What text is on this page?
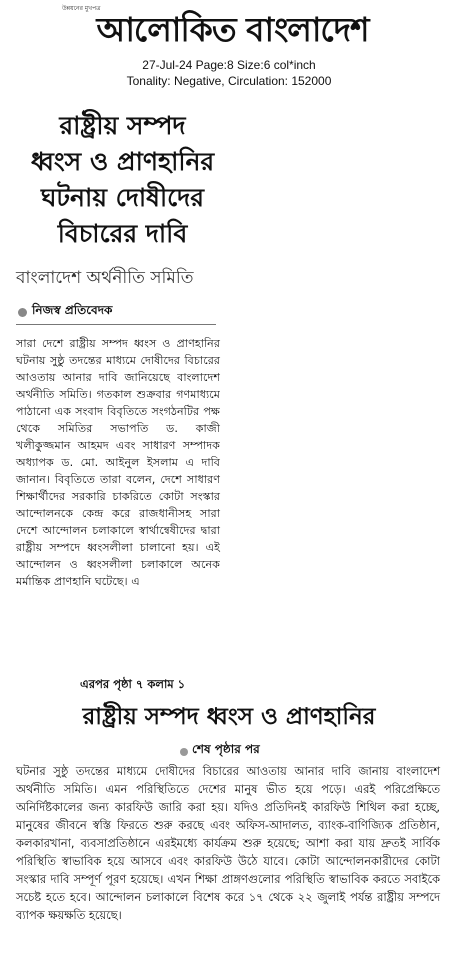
উন্নয়নের মুখপত্র
আলোকিত বাংলাদেশ
27-Jul-24 Page:8 Size:6 col*inch
Tonality: Negative, Circulation: 152000
রাষ্ট্রীয় সম্পদ
ধ্বংস ও প্রাণহানির
ঘটনায় দোষীদের
বিচারের দাবি
বাংলাদেশ অর্থনীতি সমিতি
নিজস্ব প্রতিবেদক
সারা দেশে রাষ্ট্রীয় সম্পদ ধ্বংস ও প্রাণহানির ঘটনায় সুষ্ঠু তদন্তের মাধ্যমে দোষীদের বিচারের আওতায় আনার দাবি জানিয়েছে বাংলাদেশ অর্থনীতি সমিতি। গতকাল শুক্রবার গণমাধ্যমে পাঠানো এক সংবাদ বিবৃতিতে সংগঠনটির পক্ষ থেকে সমিতির সভাপতি ড. কাজী খলীকুজ্জমান আহমদ এবং সাধারণ সম্পাদক অধ্যাপক ড. মো. আইনুল ইসলাম এ দাবি জানান। বিবৃতিতে তারা বলেন, দেশে সাধারণ শিক্ষার্থীদের সরকারি চাকরিতে কোটা সংস্কার আন্দোলনকে কেন্দ্র করে রাজধানীসহ সারা দেশে আন্দোলন চলাকালে স্বার্থান্বেষীদের দ্বারা রাষ্ট্রীয় সম্পদে ধ্বংসলীলা চালানো হয়। এই আন্দোলন ও ধ্বংসলীলা চলাকালে অনেক মর্মান্তিক প্রাণহানি ঘটেছে। এ
এরপর পৃষ্ঠা ৭ কলাম ১
রাষ্ট্রীয় সম্পদ ধ্বংস ও প্রাণহানির
শেষ পৃষ্ঠার পর
ঘটনার সুষ্ঠু তদন্তের মাধ্যমে দোষীদের বিচারের আওতায় আনার দাবি জানায় বাংলাদেশ অর্থনীতি সমিতি। এমন পরিস্থিতিতে দেশের মানুষ ভীত হয়ে পড়ে। এরই পরিপ্রেক্ষিতে অনির্দিষ্টকালের জন্য কারফিউ জারি করা হয়। যদিও প্রতিদিনই কারফিউ শিথিল করা হচ্ছে, মানুষের জীবনে স্বস্তি ফিরতে শুরু করছে এবং অফিস-আদালত, ব্যাংক-বাণিজ্যিক প্রতিষ্ঠান, কলকারখানা, ব্যবসাপ্রতিষ্ঠানে এরইমধ্যে কার্যক্রম শুরু হয়েছে; আশা করা যায় দ্রুতই সার্বিক পরিস্থিতি স্বাভাবিক হয়ে আসবে এবং কারফিউ উঠে যাবে। কোটা আন্দোলনকারীদের কোটা সংস্কার দাবি সম্পূর্ণ পূরণ হয়েছে। এখন শিক্ষা প্রাঙ্গণগুলোর পরিস্থিতি স্বাভাবিক করতে সবাইকে সচেষ্ট হতে হবে। আন্দোলন চলাকালে বিশেষ করে ১৭ থেকে ২২ জুলাই পর্যন্ত রাষ্ট্রীয় সম্পদে ব্যাপক ক্ষয়ক্ষতি হয়েছে।
